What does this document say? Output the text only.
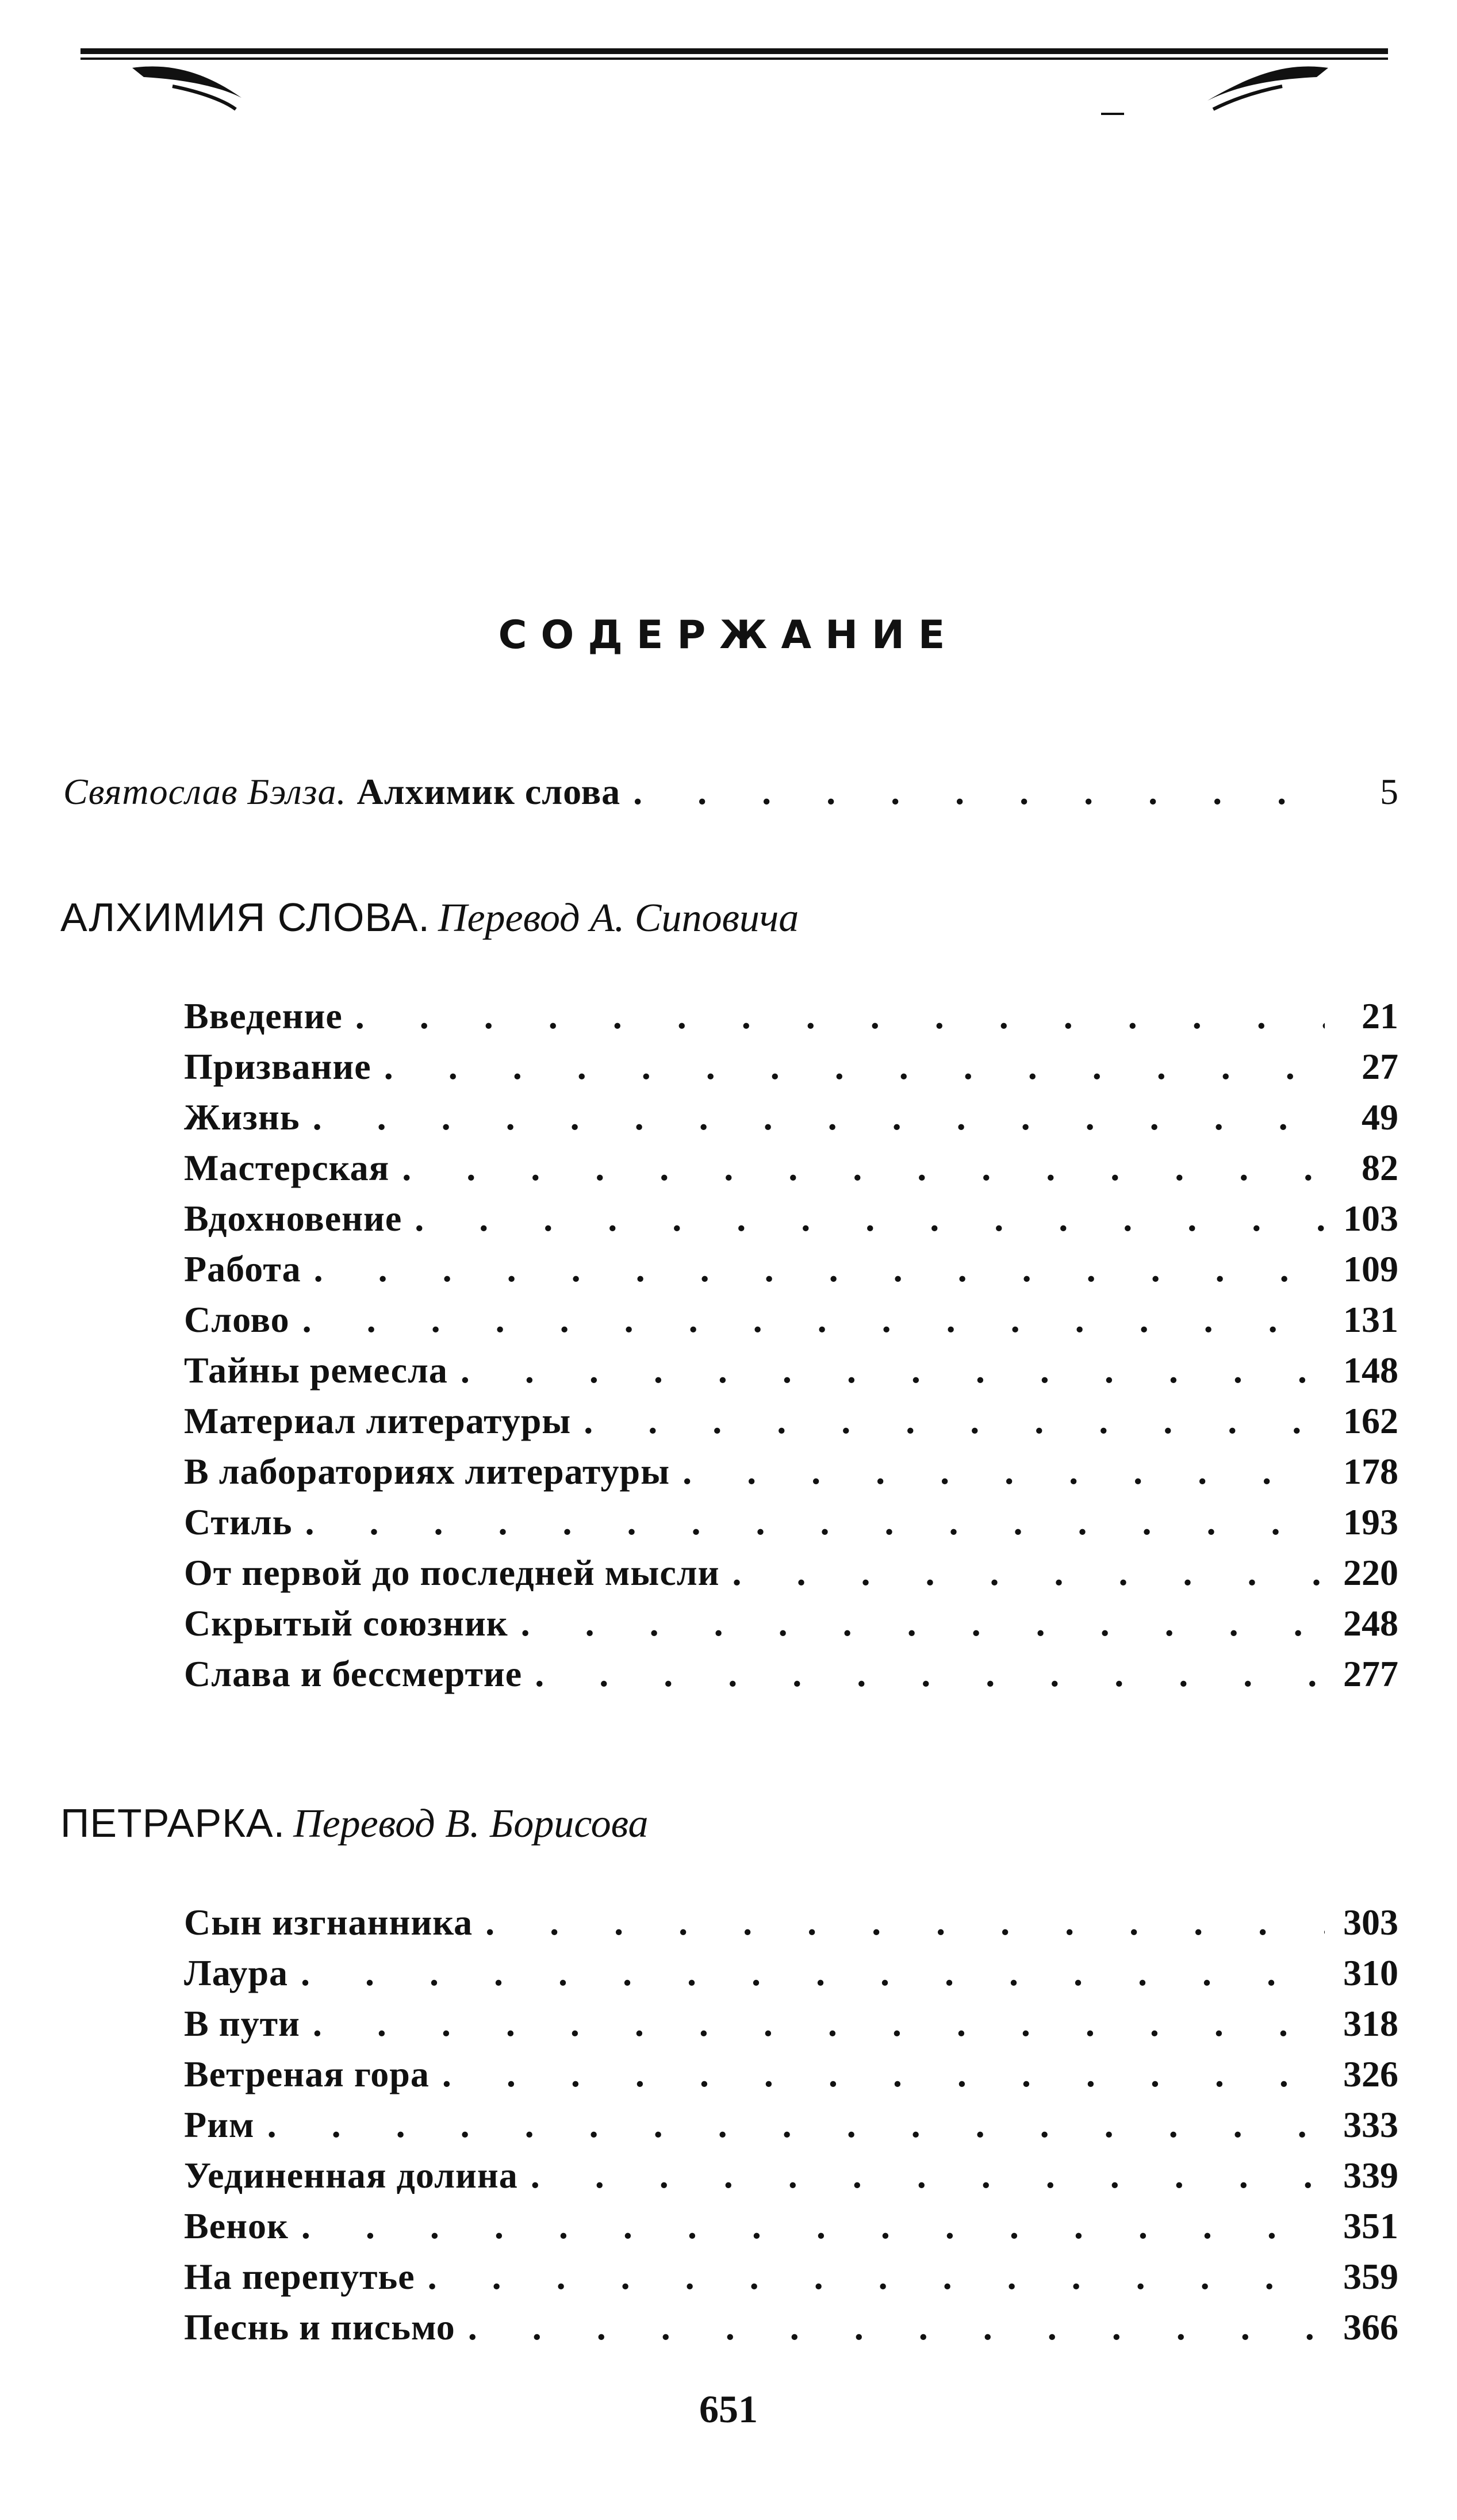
СОДЕРЖАНИЕ
Святослав Бэлза. Алхимик слова . . .	5
АЛХИМИЯ СЛОВА. Перевод А. Сиповича
Введение . . .	21
Призвание . . .	27
Жизнь . . .	49
Мастерская . . .	82
Вдохновение . . .	103
Работа . . .	109
Слово . . .	131
Тайны ремесла . . .	148
Материал литературы . . .	162
В лабораториях литературы . . .	178
Стиль . . .	193
От первой до последней мысли . . .	220
Скрытый союзник . . .	248
Слава и бессмертие . . .	277
ПЕТРАРКА. Перевод В. Борисова
Сын изгнанника . . .	303
Лаура . . .	310
В пути . . .	318
Ветреная гора . . .	326
Рим . . .	333
Уединенная долина . . .	339
Венок . . .	351
На перепутье . . .	359
Песнь и письмо . . .	366
651
